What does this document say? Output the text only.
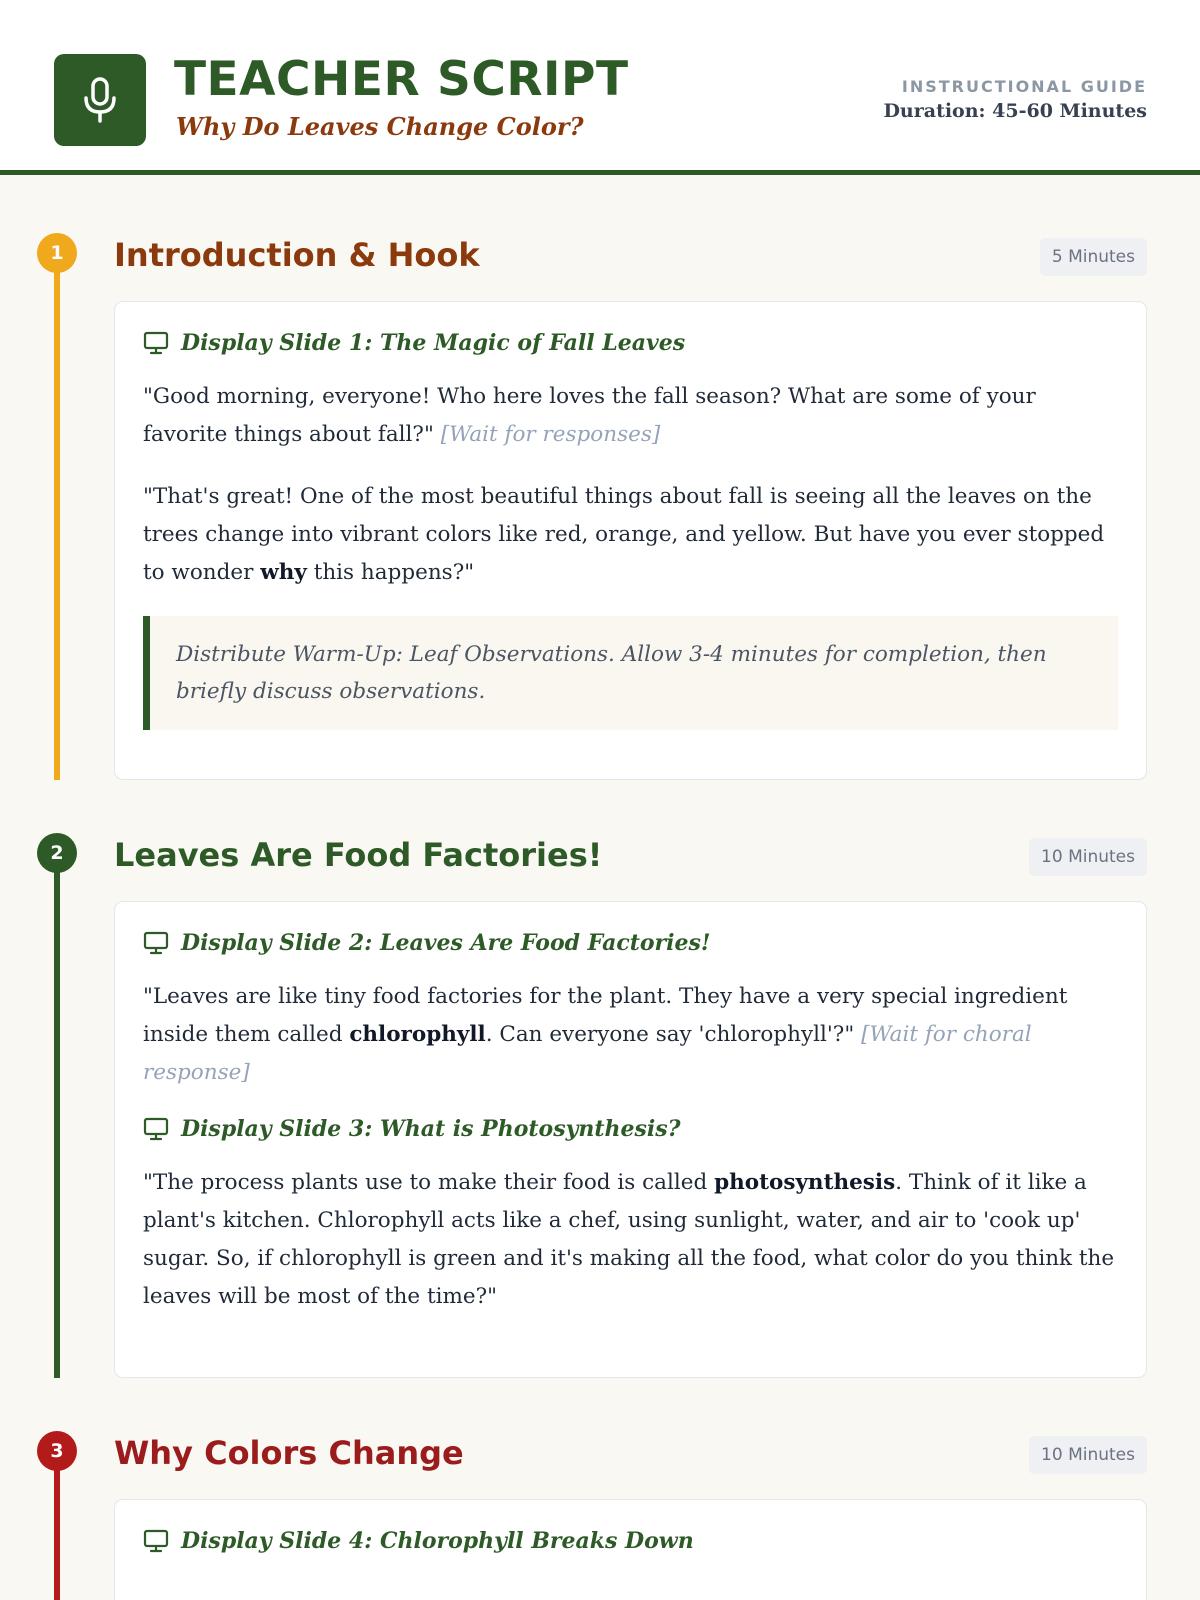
TEACHER SCRIPT
Why Do Leaves Change Color?
INSTRUCTIONAL GUIDE
Duration: 45-60 Minutes
1	Introduction & Hook	5 Minutes
Display Slide 1: The Magic of Fall Leaves

"Good morning, everyone! Who here loves the fall season? What are some of your favorite things about fall?" [Wait for responses]

"That's great! One of the most beautiful things about fall is seeing all the leaves on the trees change into vibrant colors like red, orange, and yellow. But have you ever stopped to wonder why this happens?"

Distribute Warm-Up: Leaf Observations. Allow 3-4 minutes for completion, then briefly discuss observations.
2	Leaves Are Food Factories!	10 Minutes
Display Slide 2: Leaves Are Food Factories!

"Leaves are like tiny food factories for the plant. They have a very special ingredient inside them called chlorophyll. Can everyone say 'chlorophyll'?" [Wait for choral response]

Display Slide 3: What is Photosynthesis?

"The process plants use to make their food is called photosynthesis. Think of it like a plant's kitchen. Chlorophyll acts like a chef, using sunlight, water, and air to 'cook up' sugar. So, if chlorophyll is green and it's making all the food, what color do you think the leaves will be most of the time?"

3	Why Colors Change	10 Minutes
Display Slide 4: Chlorophyll Breaks Down
